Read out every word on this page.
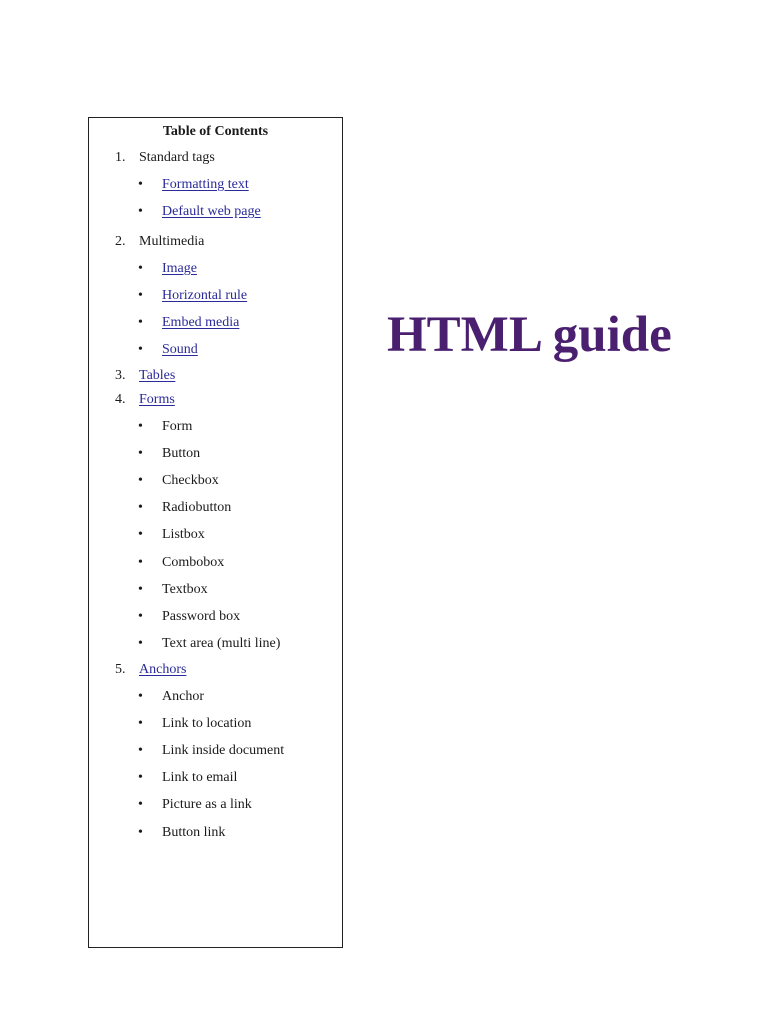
Table of Contents
1. Standard tags
• Formatting text
• Default web page
2. Multimedia
• Image
• Horizontal rule
• Embed media
• Sound
3. Tables
4. Forms
• Form
• Button
• Checkbox
• Radiobutton
• Listbox
• Combobox
• Textbox
• Password box
• Text area (multi line)
5. Anchors
• Anchor
• Link to location
• Link inside document
• Link to email
• Picture as a link
• Button link
HTML guide
